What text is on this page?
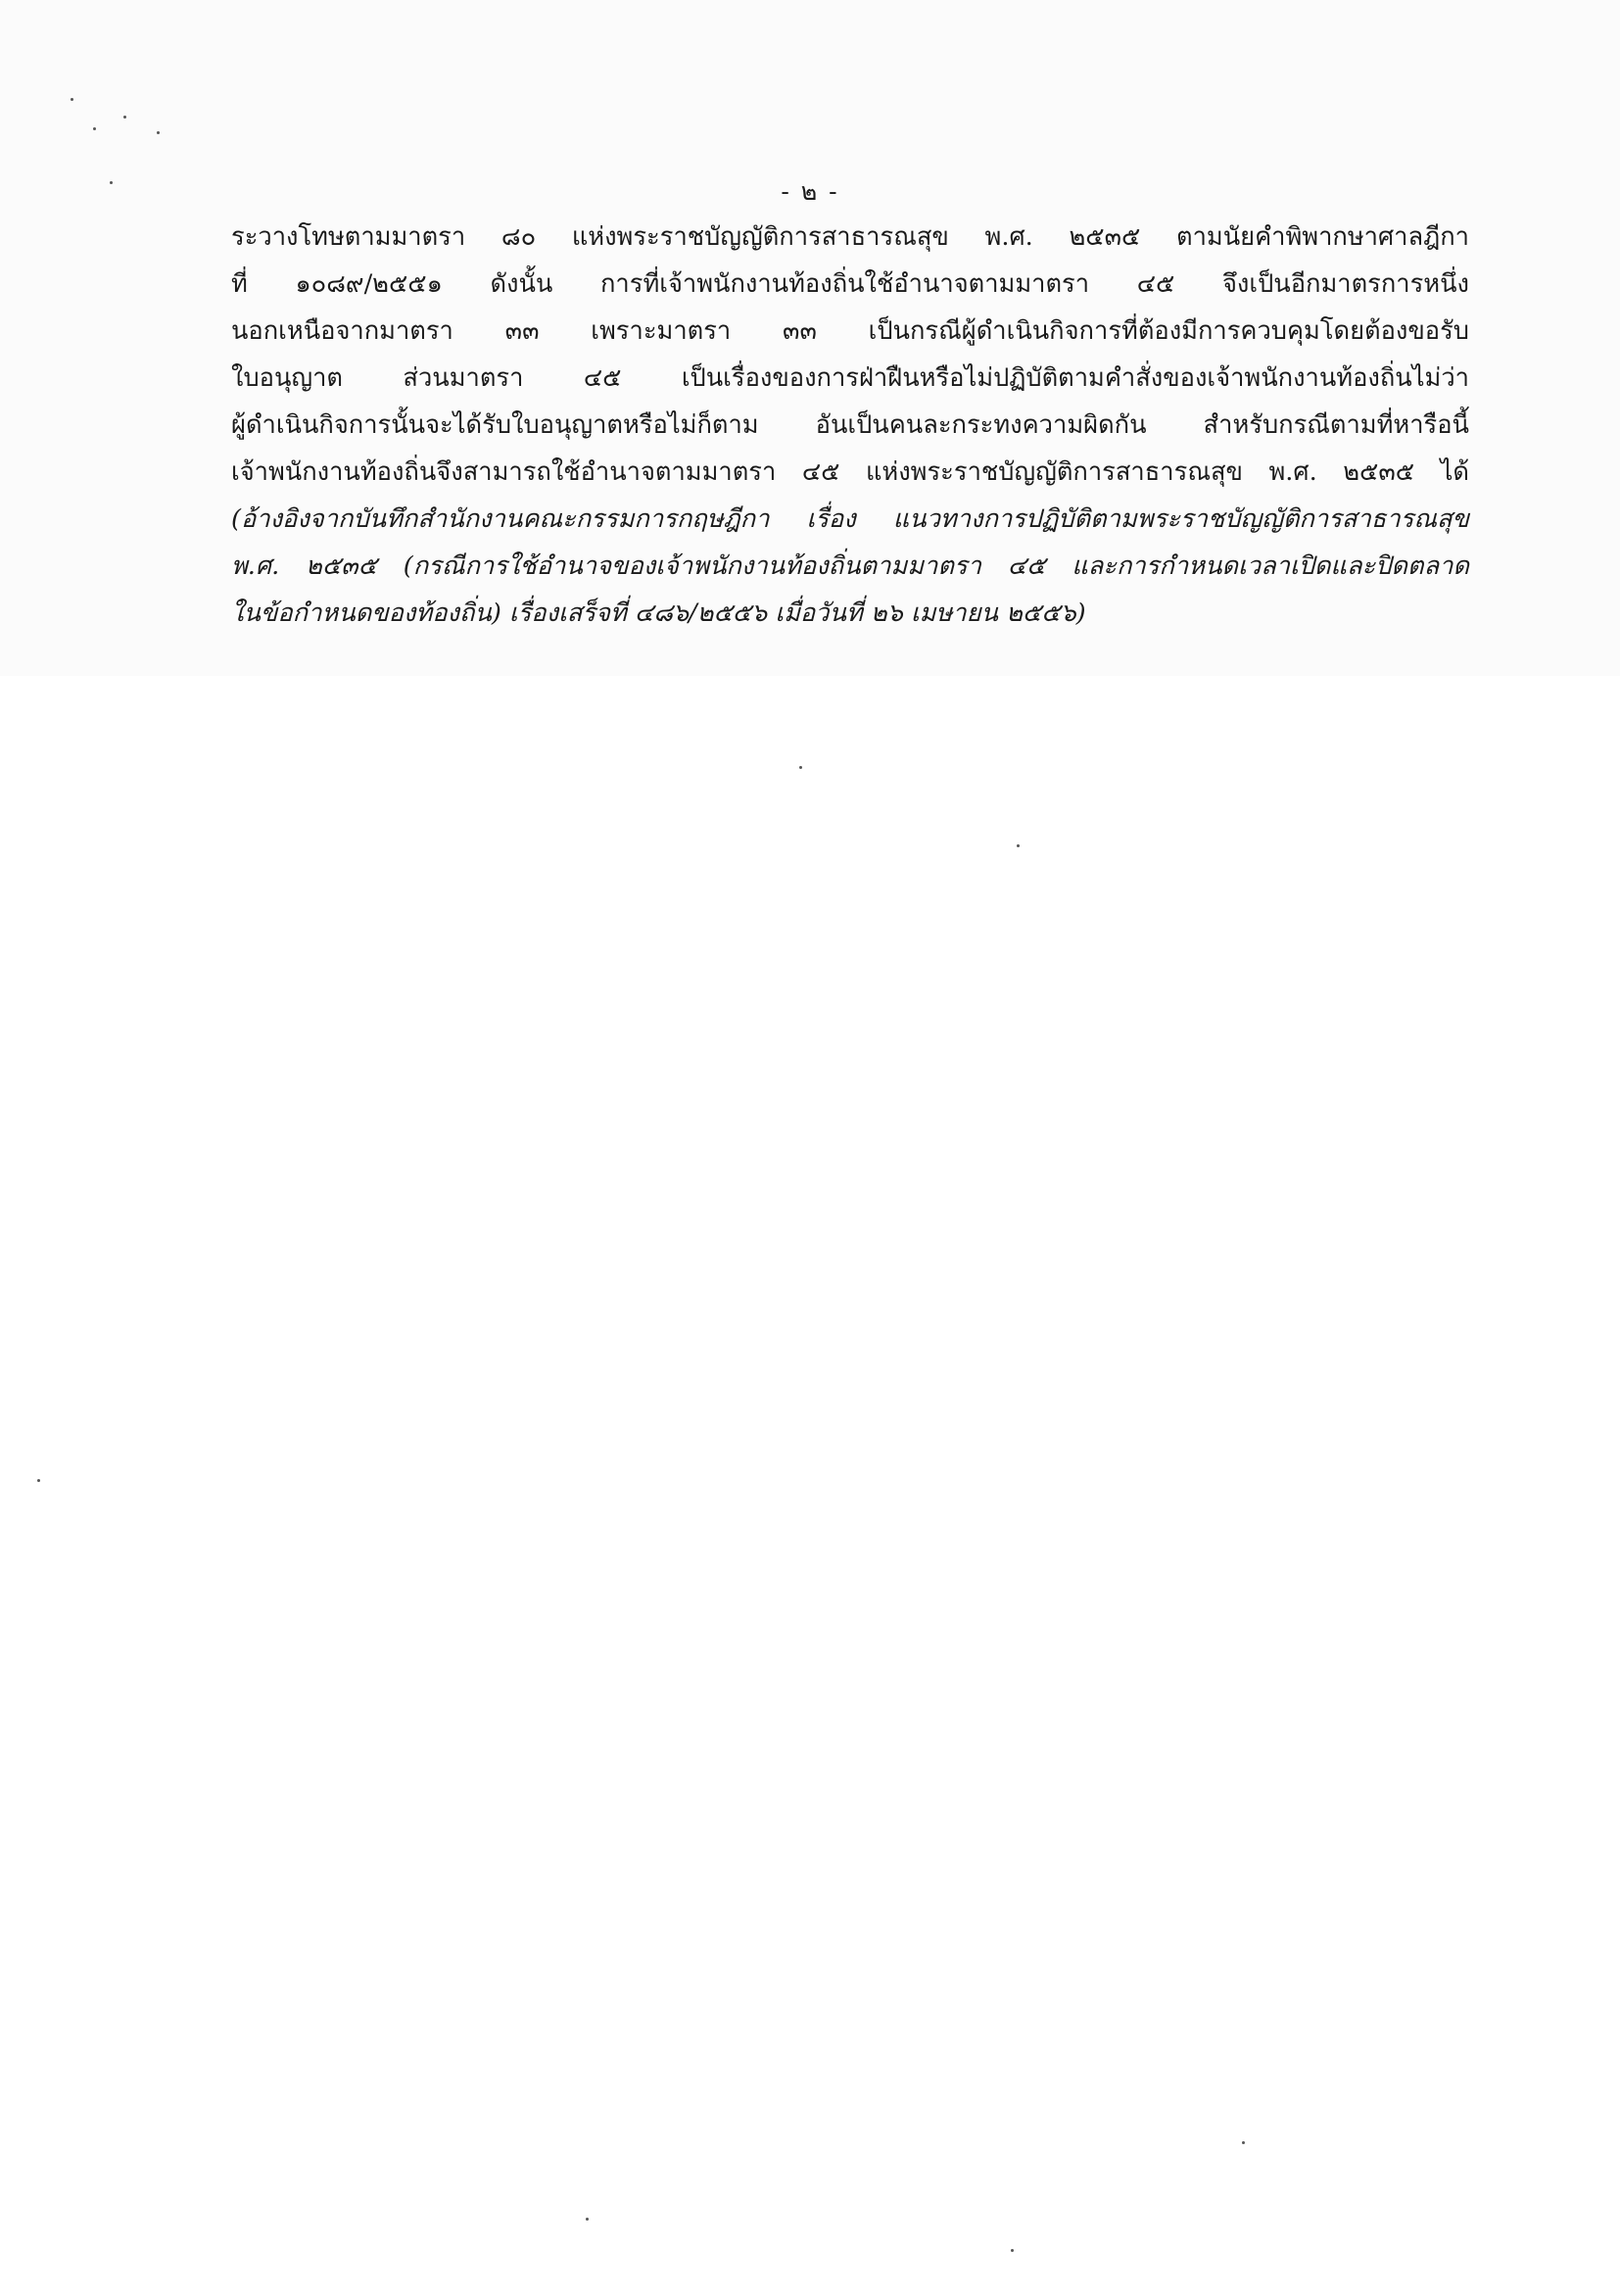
- ๒ -
ระวางโทษตามมาตรา ๘๐ แห่งพระราชบัญญัติการสาธารณสุข พ.ศ. ๒๕๓๕ ตามนัยคำพิพากษาศาลฎีกา
ที่ ๑๐๘๙/๒๕๕๑ ดังนั้น การที่เจ้าพนักงานท้องถิ่นใช้อำนาจตามมาตรา ๔๕ จึงเป็นอีกมาตรการหนึ่ง
นอกเหนือจากมาตรา ๓๓ เพราะมาตรา ๓๓ เป็นกรณีผู้ดำเนินกิจการที่ต้องมีการควบคุมโดยต้องขอรับ
ใบอนุญาต ส่วนมาตรา ๔๕ เป็นเรื่องของการฝ่าฝืนหรือไม่ปฏิบัติตามคำสั่งของเจ้าพนักงานท้องถิ่นไม่ว่า
ผู้ดำเนินกิจการนั้นจะได้รับใบอนุญาตหรือไม่ก็ตาม อันเป็นคนละกระทงความผิดกัน สำหรับกรณีตามที่หารือนี้
เจ้าพนักงานท้องถิ่นจึงสามารถใช้อำนาจตามมาตรา ๔๕ แห่งพระราชบัญญัติการสาธารณสุข พ.ศ. ๒๕๓๕ ได้
(อ้างอิงจากบันทึกสำนักงานคณะกรรมการกฤษฎีกา เรื่อง แนวทางการปฏิบัติตามพระราชบัญญัติการสาธารณสุข
พ.ศ. ๒๕๓๕ (กรณีการใช้อำนาจของเจ้าพนักงานท้องถิ่นตามมาตรา ๔๕ และการกำหนดเวลาเปิดและปิดตลาด
ในข้อกำหนดของท้องถิ่น) เรื่องเสร็จที่ ๔๘๖/๒๕๕๖ เมื่อวันที่ ๒๖ เมษายน ๒๕๕๖)
